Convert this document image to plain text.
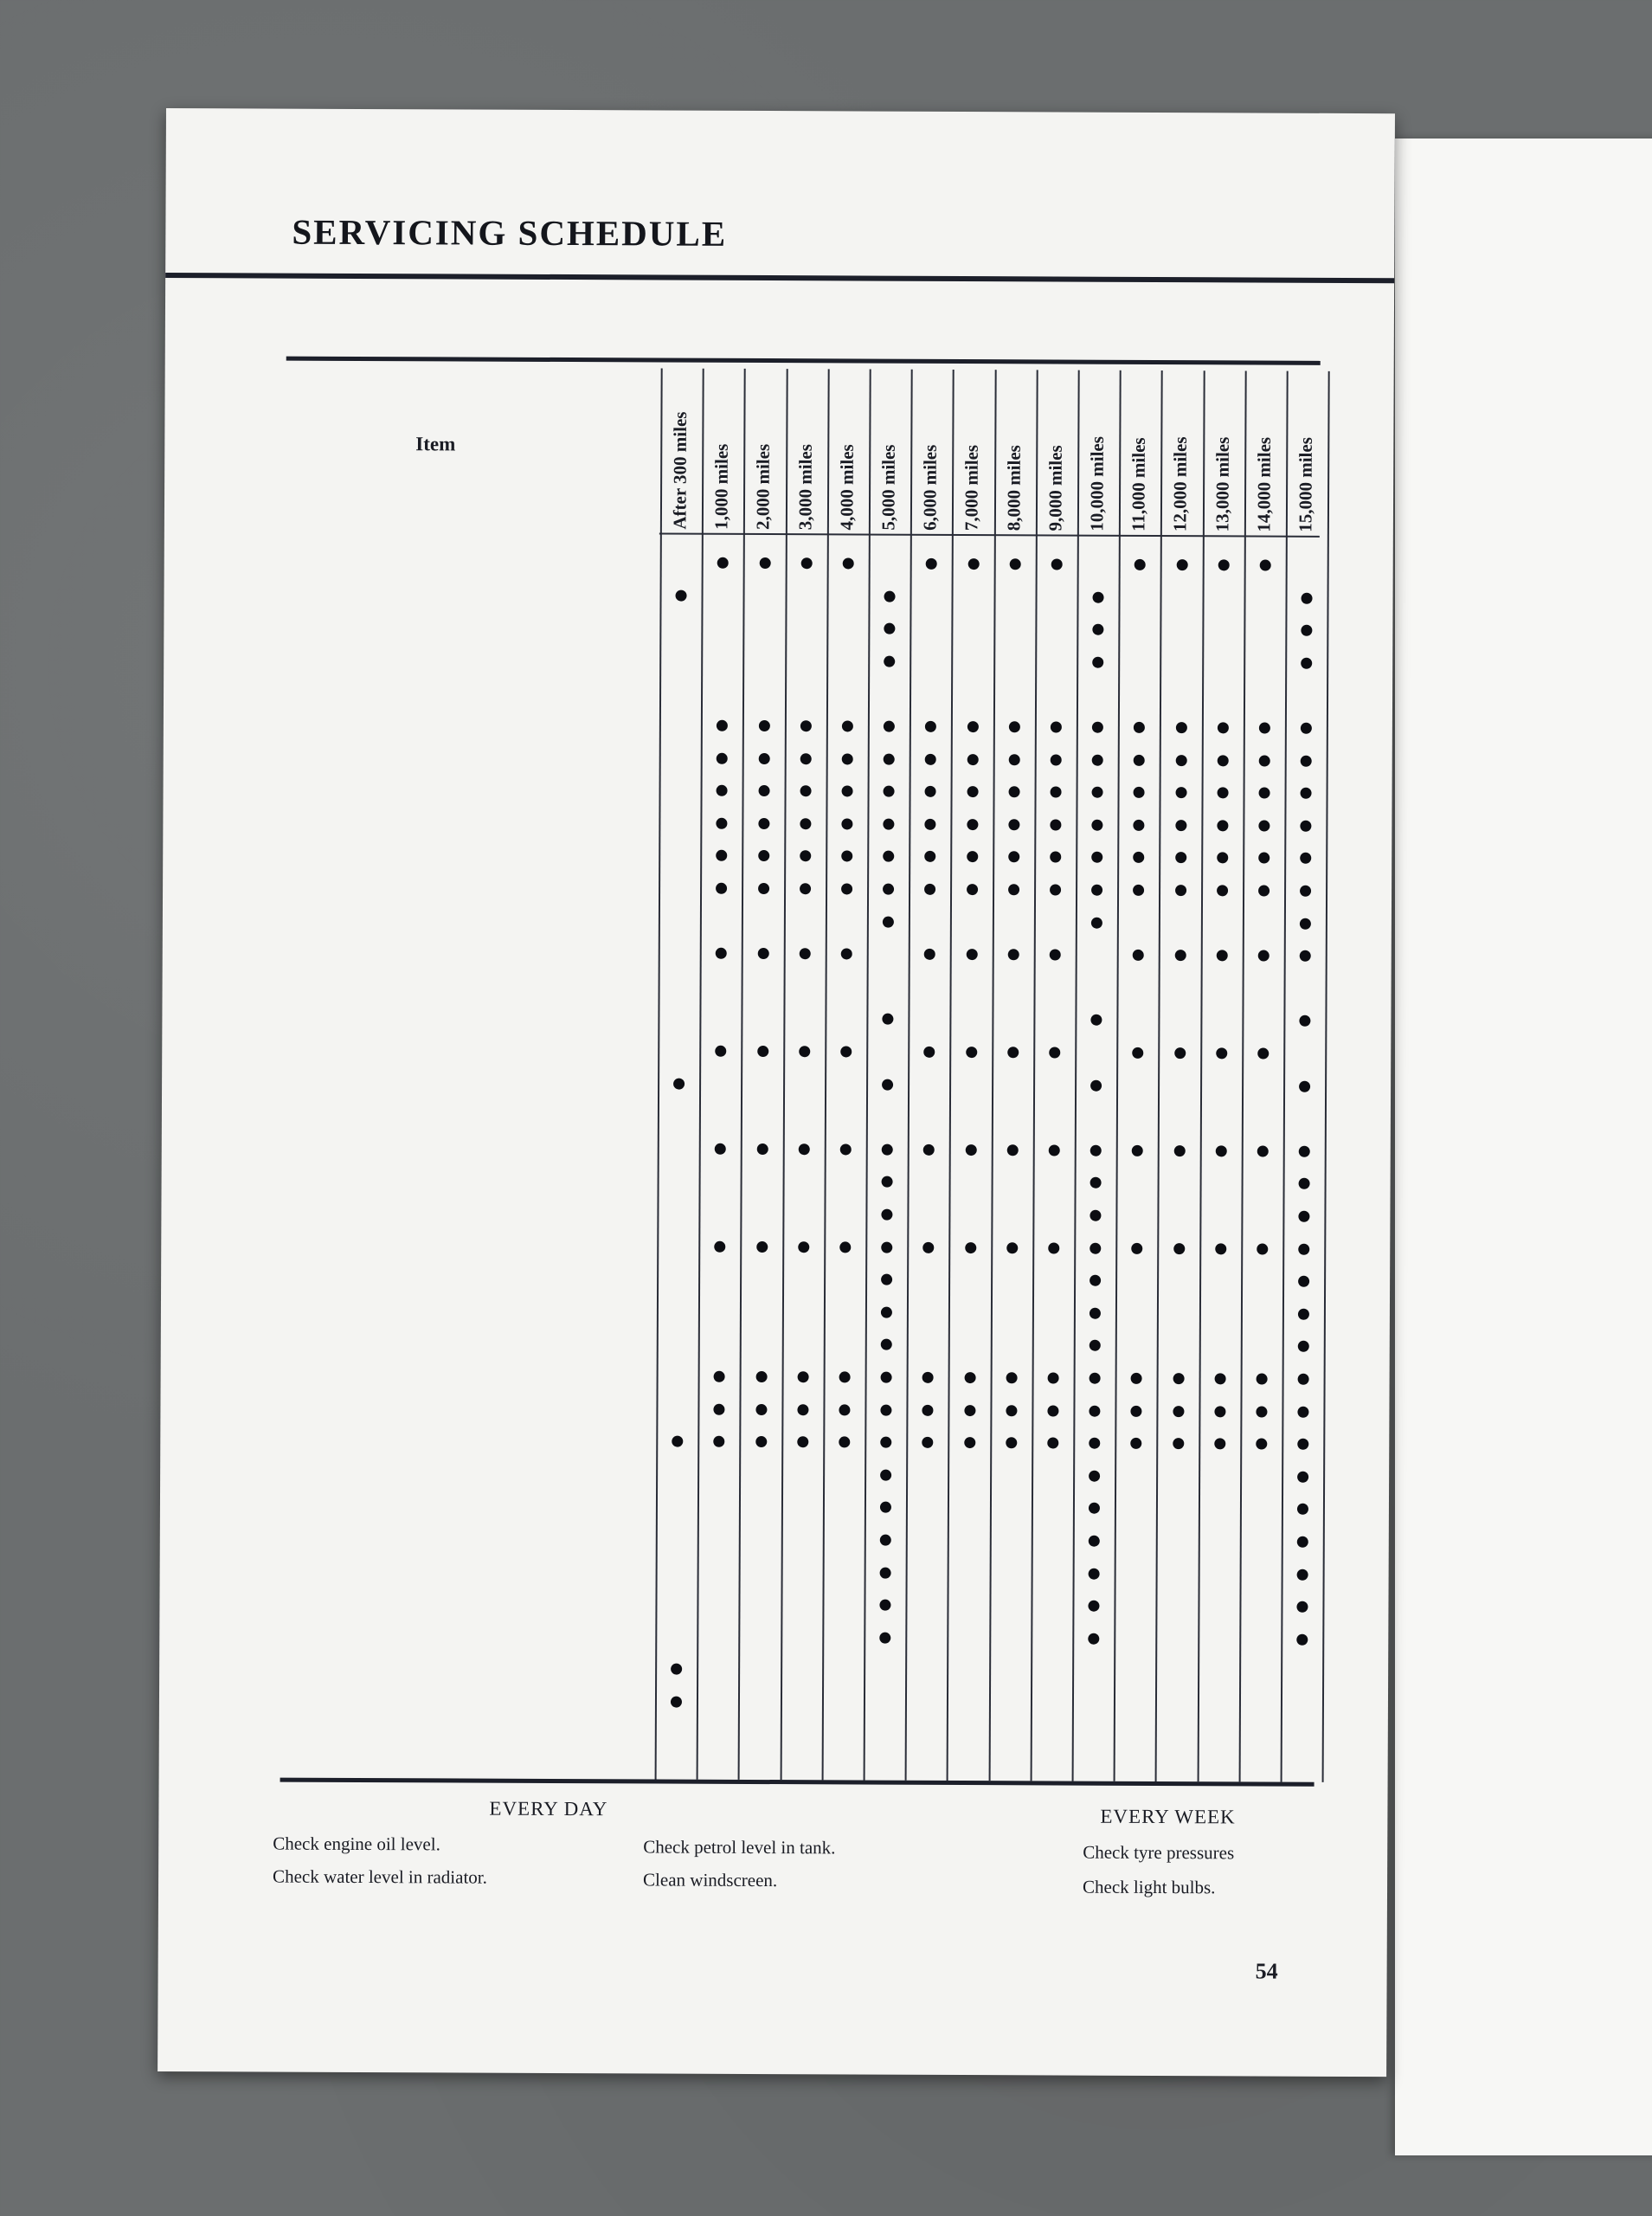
SERVICING SCHEDULE
Item	After 300 miles 1,000 miles 2,000 miles 3,000 miles 4,000 miles 5,000 miles 6,000 miles 7,000 miles 8,000 miles 9,000 miles 10,000 miles 11,000 miles 12,000 miles 13,000 miles 14,000 miles 15,000 miles
EVERY DAY
Check engine oil level.
Check water level in radiator.
Check petrol level in tank.
Clean windscreen.
EVERY WEEK
Check tyre pressures
Check light bulbs.
54
